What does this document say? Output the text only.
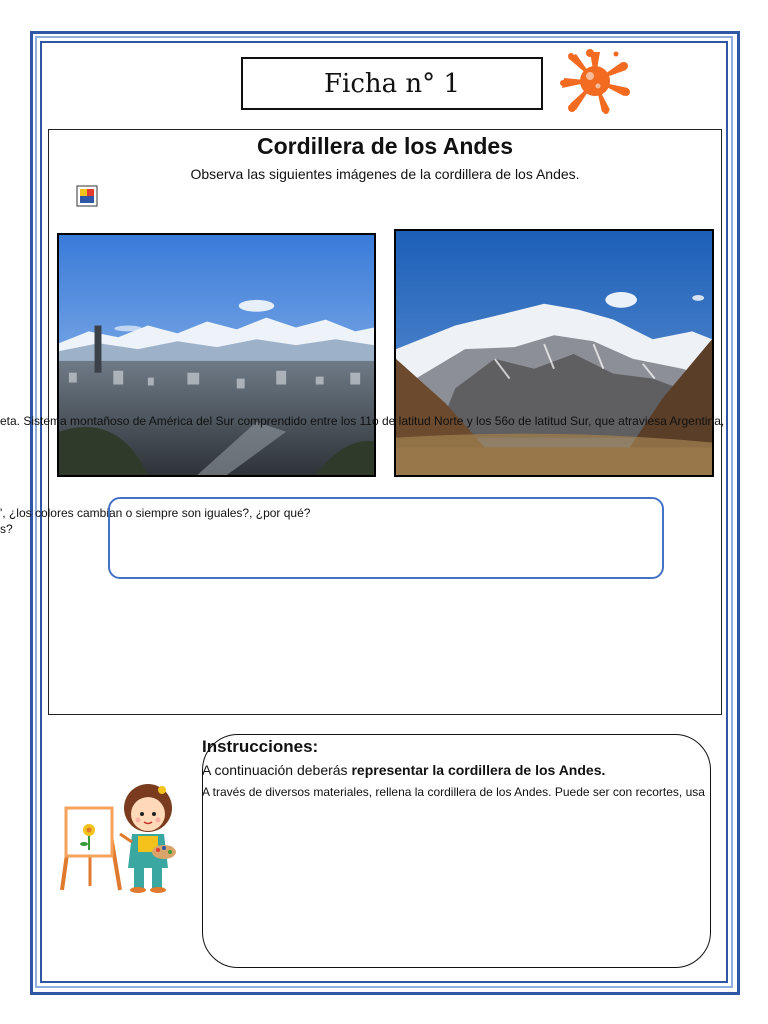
Ficha n° 1
Cordillera de los Andes
Observa las siguientes imágenes de la cordillera de los Andes.
eta. Sistema montañoso de América del Sur comprendido entre los 11o de latitud Norte y los 56o de latitud Sur, que atraviesa Argentina,
', ¿los colores cambian o siempre son iguales?, ¿por qué?
s?
Instrucciones:
A continuación deberás representar la cordillera de los Andes.
A través de diversos materiales, rellena la cordillera de los Andes. Puede ser con recortes, usa
